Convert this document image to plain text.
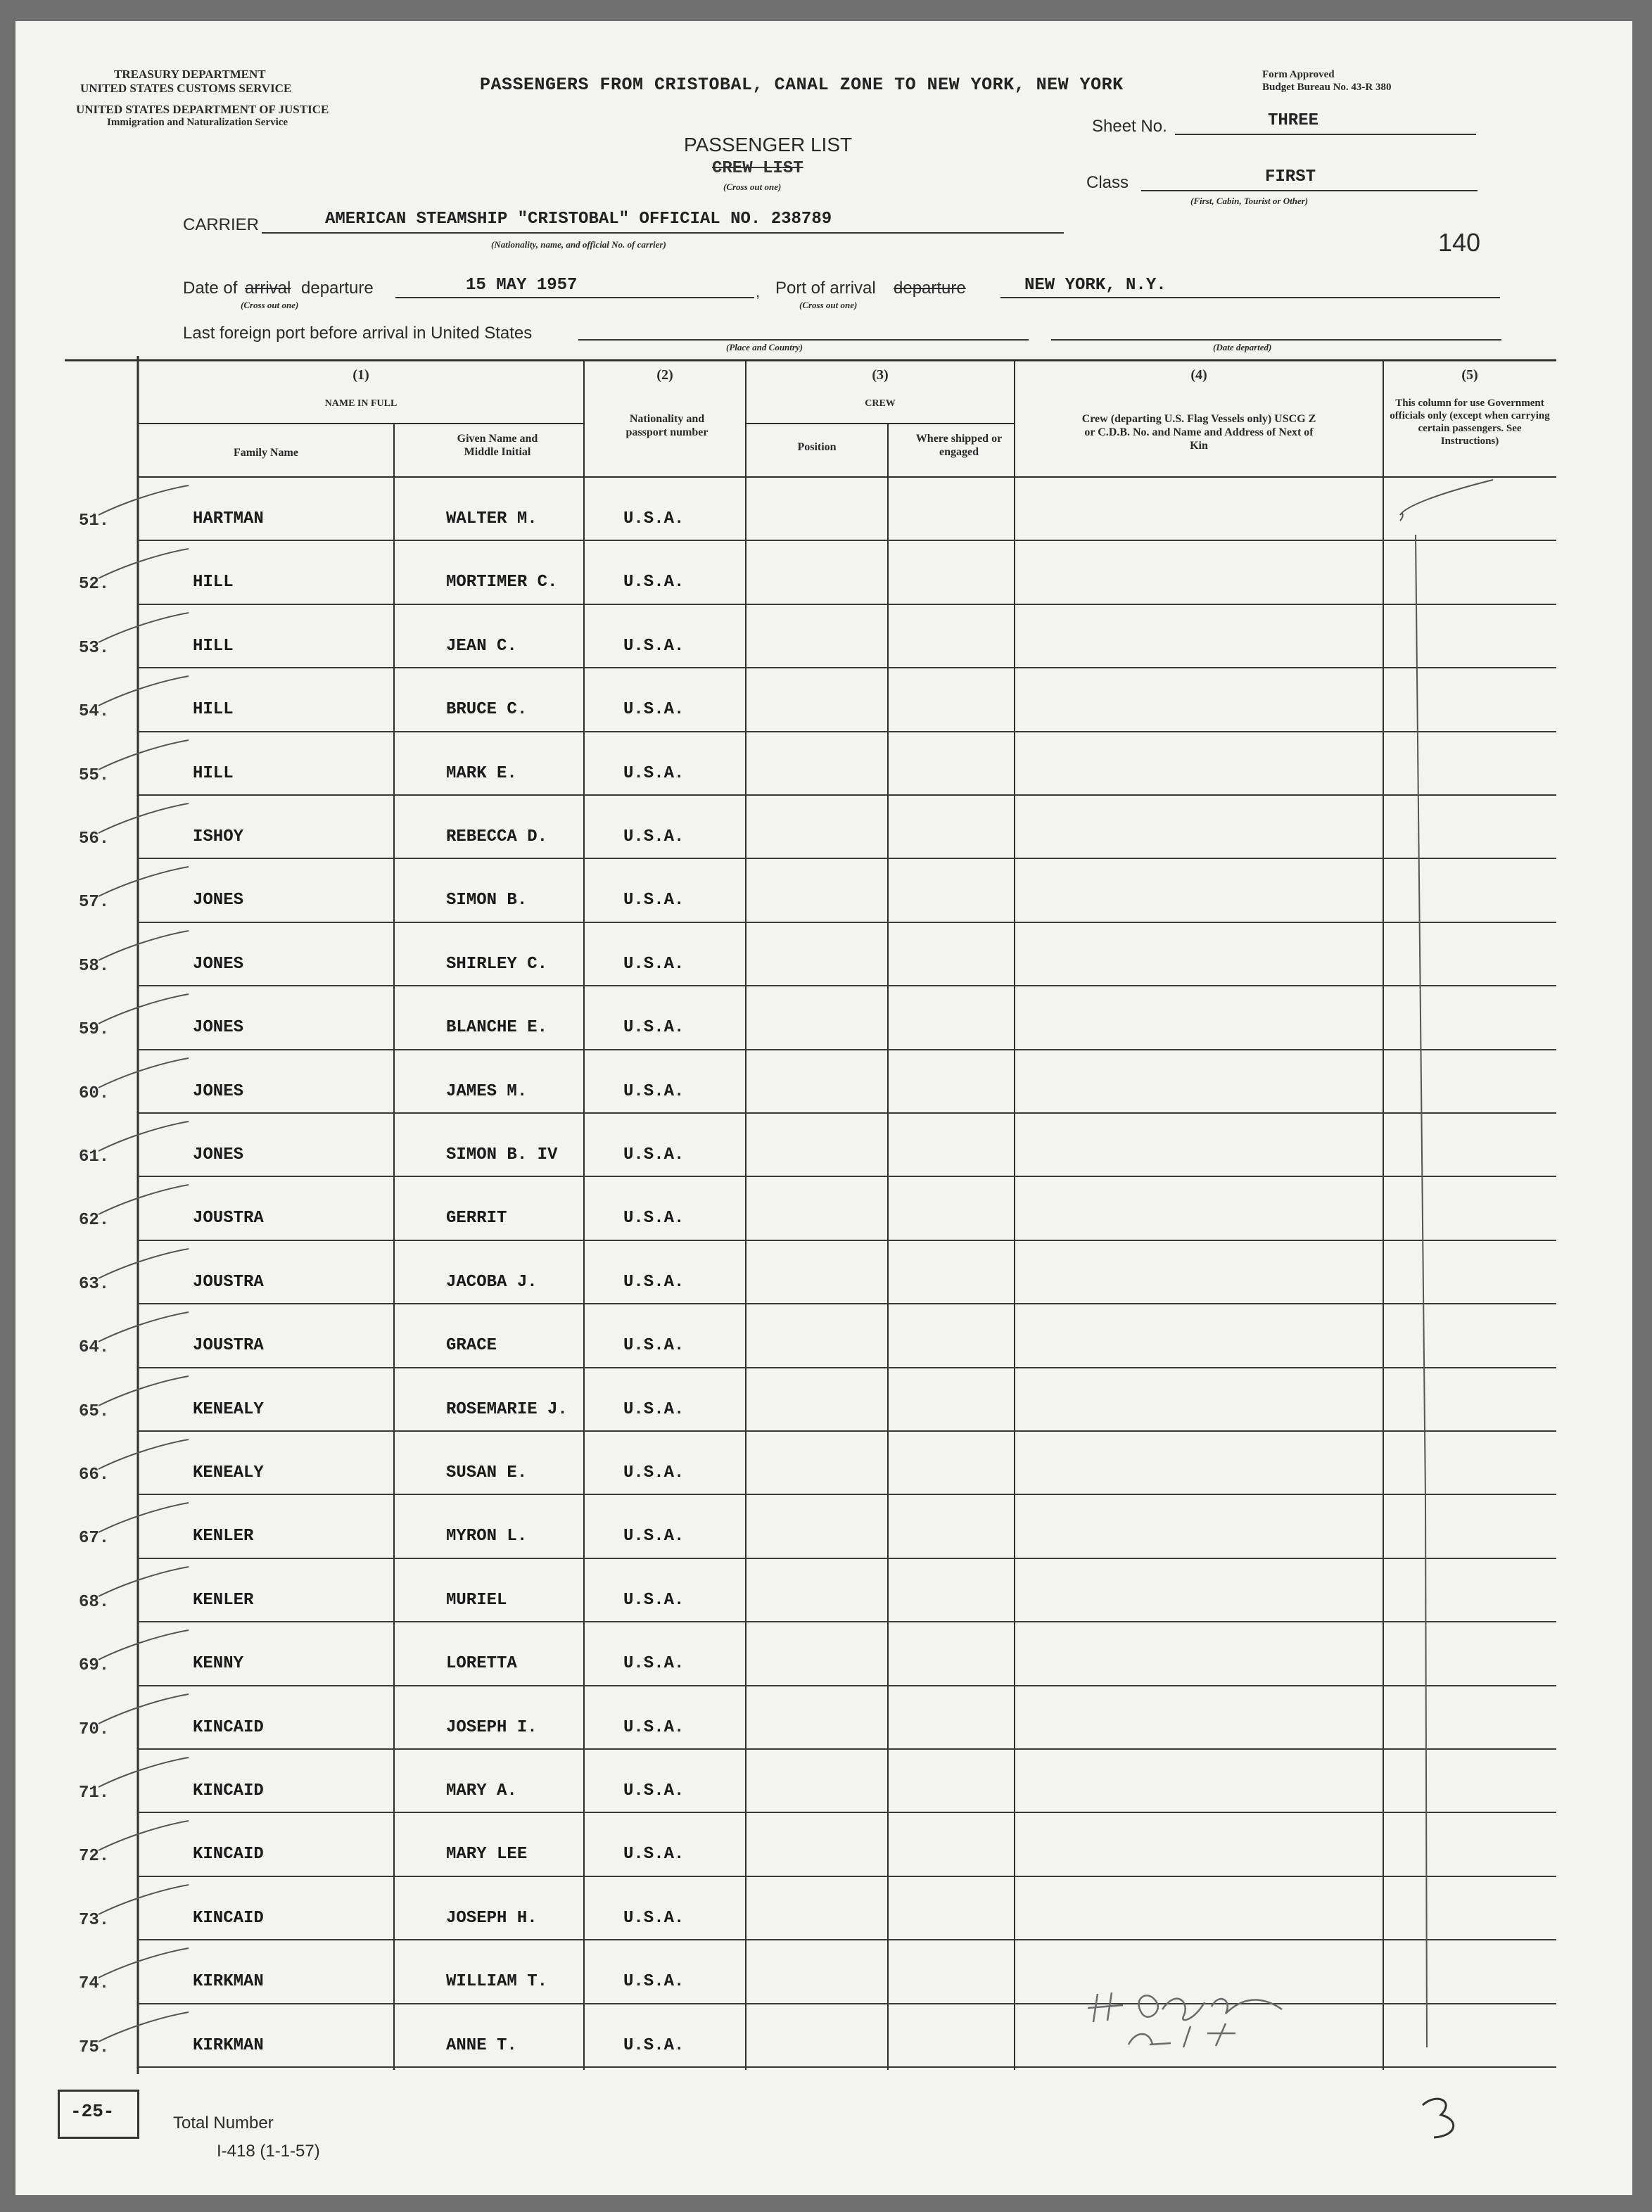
TREASURY DEPARTMENT
UNITED STATES CUSTOMS SERVICE
UNITED STATES DEPARTMENT OF JUSTICE
Immigration and Naturalization Service
PASSENGERS FROM CRISTOBAL, CANAL ZONE TO NEW YORK, NEW YORK	Form Approved
Budget Bureau No. 43-R 380
Sheet No.	THREE
PASSENGER LIST
CREW LIST
(Cross out one)	Class	FIRST
(First, Cabin, Tourist or Other)
CARRIER	AMERICAN STEAMSHIP "CRISTOBAL" OFFICIAL NO. 238789
(Nationality, name, and official No. of carrier)	140
Date of arrival departure
(Cross out one)
15 MAY 1957	, Port of arrival departure
(Cross out one)
NEW YORK, N.Y.
Last foreign port before arrival in United States
(Place and Country)	(Date departed)
(1)
NAME IN FULL
Family Name
Given Name and Middle Initial
(2)
Nationality and passport number
(3)
CREW
Position
Where shipped or engaged
(4)
Crew (departing U.S. Flag Vessels only) USCG Z or C.D.B. No. and Name and Address of Next of Kin
(5)
This column for use Government officials only (except when carrying certain passengers. See Instructions)
51.	HARTMAN	WALTER M.	U.S.A.
52.	HILL	MORTIMER C.	U.S.A.
53.	HILL	JEAN C.	U.S.A.
54.	HILL	BRUCE C.	U.S.A.
55.	HILL	MARK E.	U.S.A.
56.	ISHOY	REBECCA D.	U.S.A.
57.	JONES	SIMON B.	U.S.A.
58.	JONES	SHIRLEY C.	U.S.A.
59.	JONES	BLANCHE E.	U.S.A.
60.	JONES	JAMES M.	U.S.A.
61.	JONES	SIMON B. IV	U.S.A.
62.	JOUSTRA	GERRIT	U.S.A.
63.	JOUSTRA	JACOBA J.	U.S.A.
64.	JOUSTRA	GRACE	U.S.A.
65.	KENEALY	ROSEMARIE J.	U.S.A.
66.	KENEALY	SUSAN E.	U.S.A.
67.	KENLER	MYRON L.	U.S.A.
68.	KENLER	MURIEL	U.S.A.
69.	KENNY	LORETTA	U.S.A.
70.	KINCAID	JOSEPH I.	U.S.A.
71.	KINCAID	MARY A.	U.S.A.
72.	KINCAID	MARY LEE	U.S.A.
73.	KINCAID	JOSEPH H.	U.S.A.
74.	KIRKMAN	WILLIAM T.	U.S.A.
75.	KIRKMAN	ANNE T.	U.S.A.
-25-
Total Number
I-418 (1-1-57)
